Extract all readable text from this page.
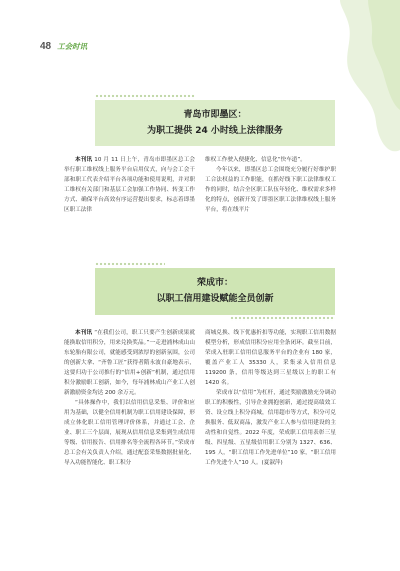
48 工会时讯
青岛市即墨区：
为职工提供 24 小时线上法律服务

本刊讯 10 月 11 日上午，青岛市即墨区总工会举行职工维权线上服务平台启用仪式，向与会工会干部和职工代表介绍平台各项功能和使用说明，并对职工维权有关部门和基层工会加强工作协同、转变工作方式、确保平台高效有序运营提出要求，标志着即墨区职工法律

维权工作驶入便捷化、信息化“快车道”。

今年以来，即墨区总工会围绕充分履行好维护职工合法权益的工作职能，在抓好线下职工法律维权工作的同时，结合全区职工队伍年轻化、维权需求多样化的特点，创新开发了即墨区职工法律维权线上服务平台，将在线平片

荣成市：
以职工信用建设赋能全员创新

本刊讯 “在我们公司，职工只要产生创新成果就能换取信用积分，用来兑换奖品。”一走进浦林成山山东轮胎有限公司，就能感受到浓厚的创新氛围，公司的创新大拿、“齐鲁工匠”获得者隋永波自豪地表示，这要归功于公司推行的“信用+创新”机制，通过信用积分激励职工创新，如今，每年浦林成山产业工人创新激励资金均达 200 余万元。

“具体操作中，我们以信用信息采集、评价和应用为基础，以健全信用机制为职工信用建设保障，形成立体化职工信用管理评价体系，并通过工会、企业、职工三个层面，展现从信用信息采集到生成信用等级、信用报告、信用排名等全流程各环节。”荣成市总工会有关负责人介绍，通过配套采集数据批量化、导入功能智能化、职工积分

商城兑换、线下优惠折扣等功能，实现职工信用数据模型分析，形成信用积分应用全条闭环。截至目前，荣成入驻职工信用信息服务平台的企业有 180 家，覆盖产业工人 35330 人，采集录入信用信息 119200 条，信用等级达到三星级以上的职工有 1420 名。

荣成市以“信用”为杠杆，通过奖励激励充分调动职工的积极性，引导企业拥抱创新，通过提高绩效工资、设立线上积分商城，信用超市等方式，积分可兑换服务、低双商品，激发产业工人参与信用建设的主动性和自觉性。2022 年度，荣成职工信用表彰三星级、四星级、五星级信用职工分别为 1327、636、195 人，“职工信用工作先进单位”10 家，“职工信用工作先进个人”10 人。(夏淑萍)
